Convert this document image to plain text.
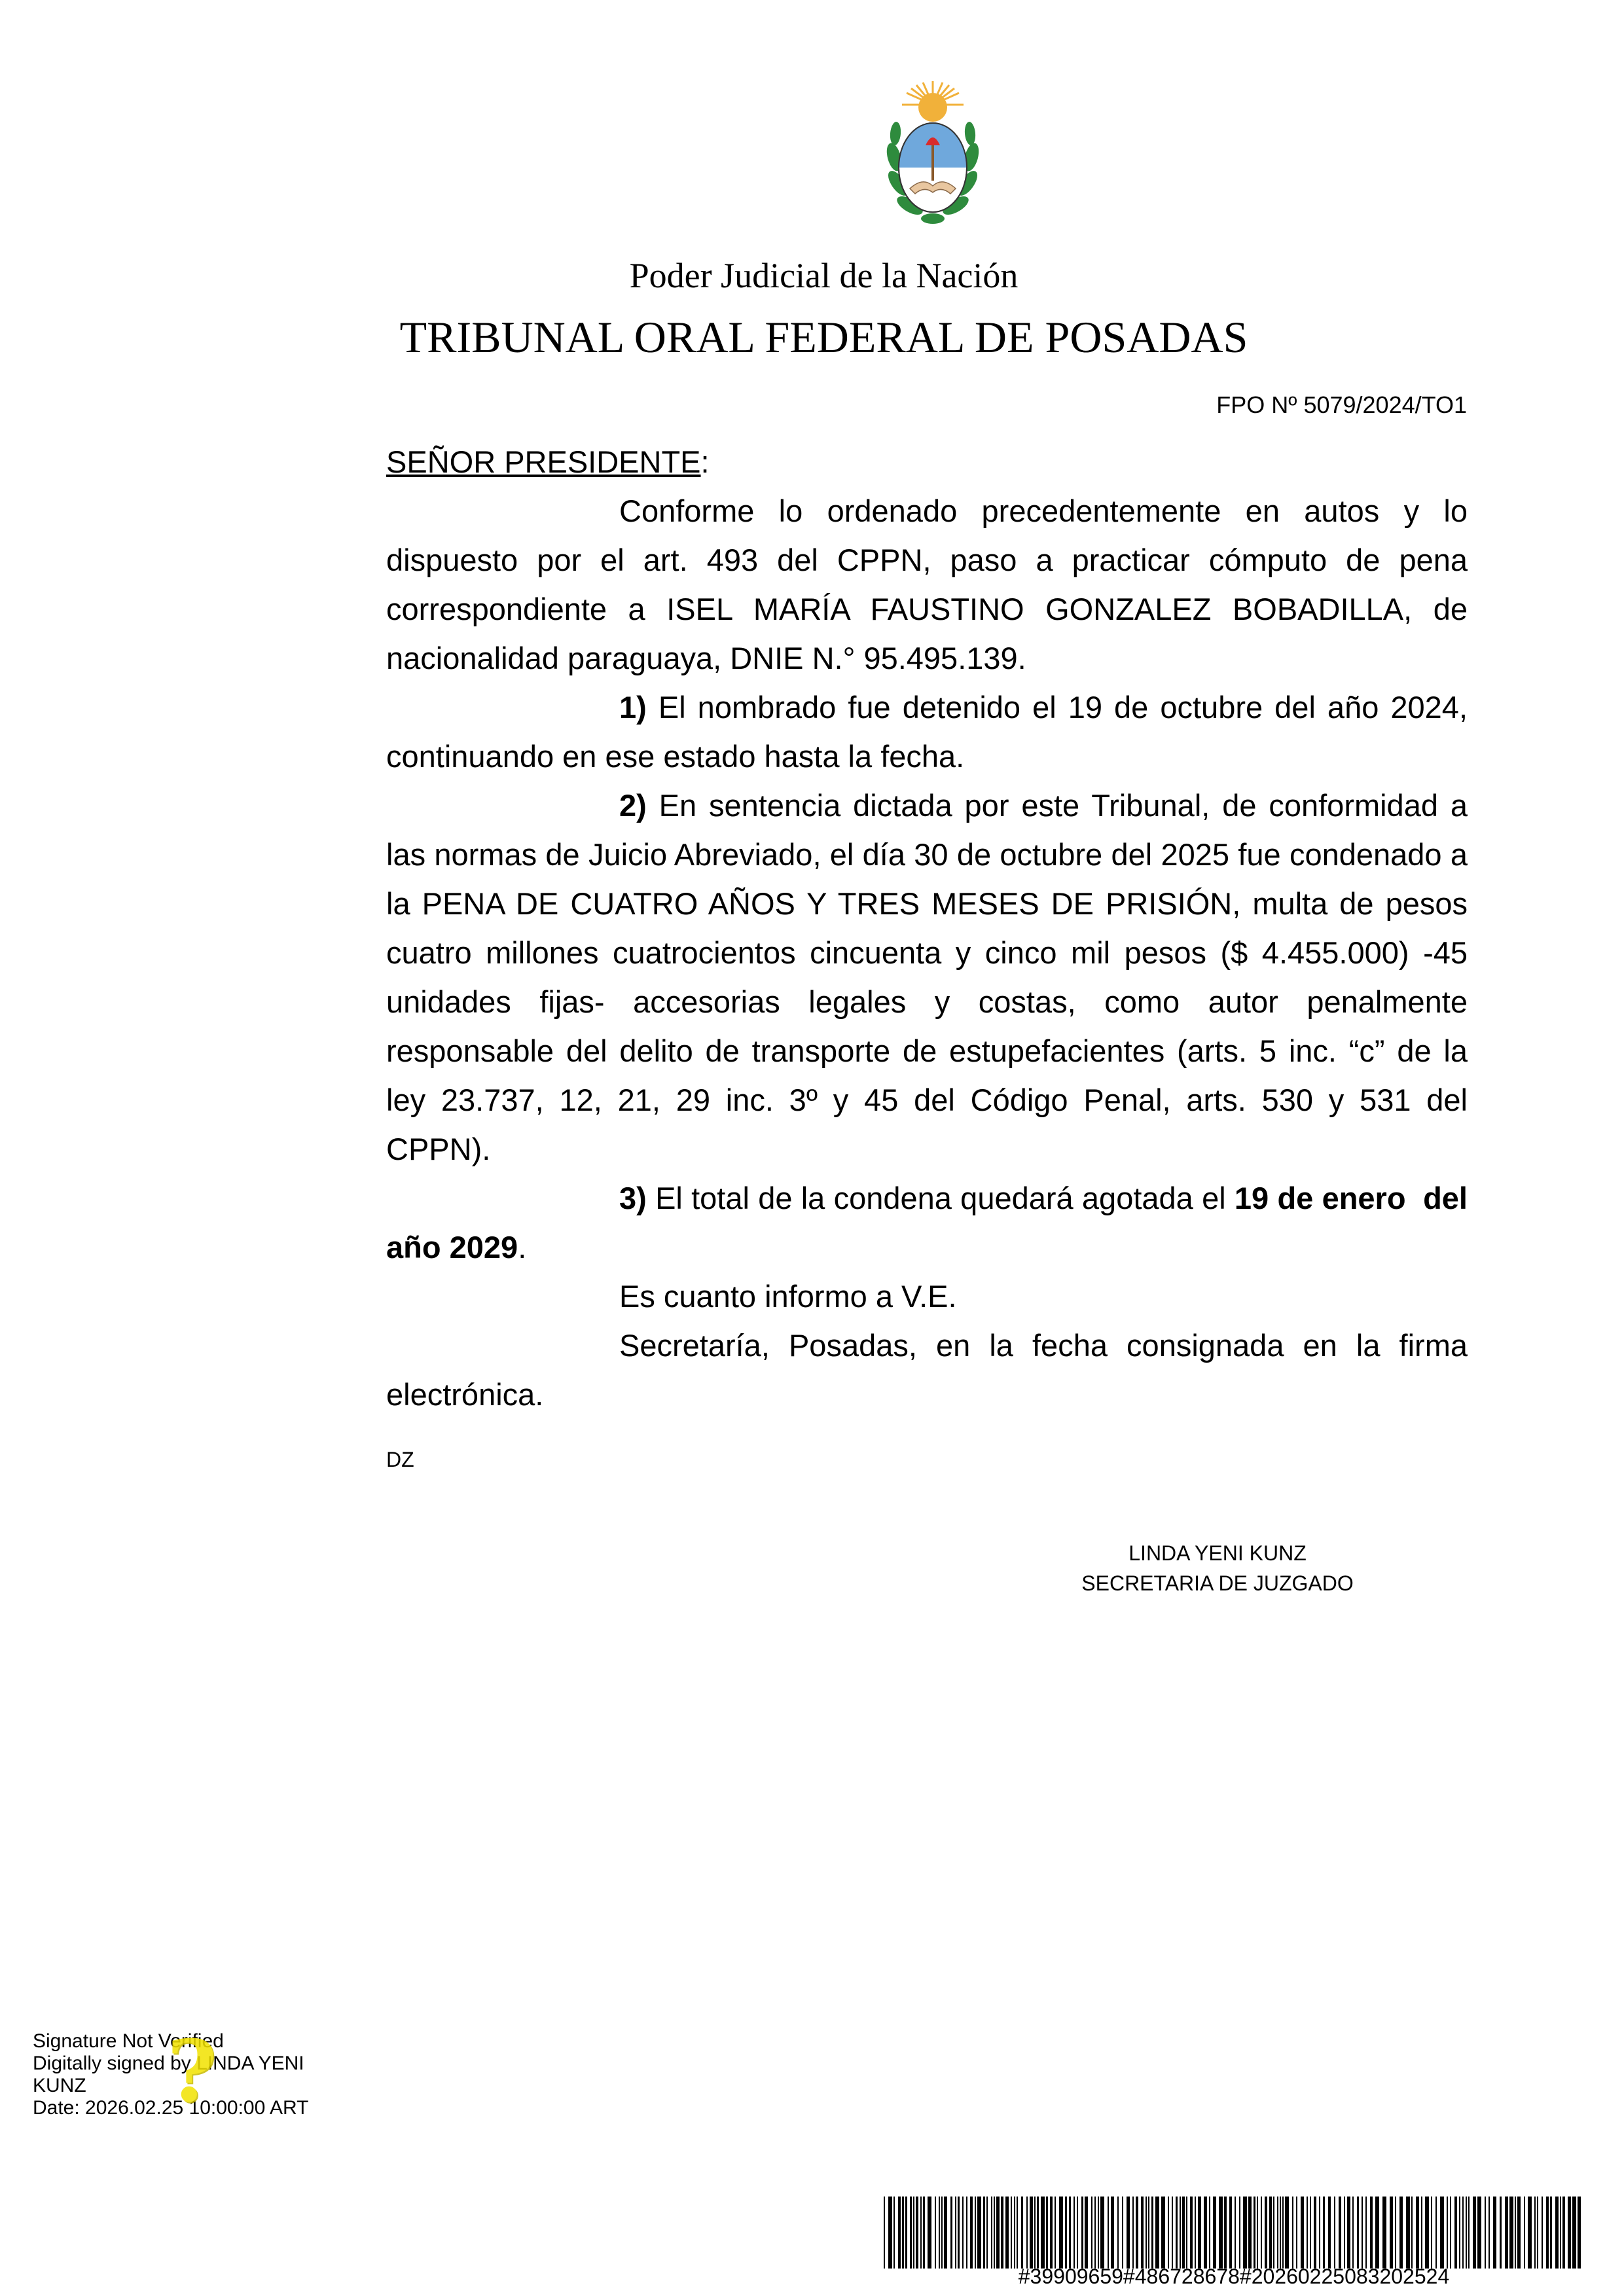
Poder Judicial de la Nación
TRIBUNAL ORAL FEDERAL DE POSADAS
FPO Nº 5079/2024/TO1

SEÑOR PRESIDENTE:

Conforme lo ordenado precedentemente en autos y lo dispuesto por el art. 493 del CPPN, paso a practicar cómputo de pena correspondiente a ISEL MARÍA FAUSTINO GONZALEZ BOBADILLA, de nacionalidad paraguaya, DNIE N.° 95.495.139.

1) El nombrado fue detenido el 19 de octubre del año 2024, continuando en ese estado hasta la fecha.

2) En sentencia dictada por este Tribunal, de conformidad a las normas de Juicio Abreviado, el día 30 de octubre del 2025 fue condenado a la PENA DE CUATRO AÑOS Y TRES MESES DE PRISIÓN, multa de pesos cuatro millones cuatrocientos cincuenta y cinco mil pesos ($ 4.455.000) -45 unidades fijas- accesorias legales y costas, como autor penalmente responsable del delito de transporte de estupefacientes (arts. 5 inc. “c” de la ley 23.737, 12, 21, 29 inc. 3º y 45 del Código Penal, arts. 530 y 531 del CPPN).

3) El total de la condena quedará agotada el 19 de enero  del año 2029.

Es cuanto informo a V.E.

Secretaría, Posadas, en la fecha consignada en la firma electrónica.

DZ
LINDA YENI KUNZ
SECRETARIA DE JUZGADO
Signature Not Verified
Digitally signed by LINDA YENI
KUNZ
Date: 2026.02.25 10:00:00 ART
?
#39909659#486728678#20260225083202524
